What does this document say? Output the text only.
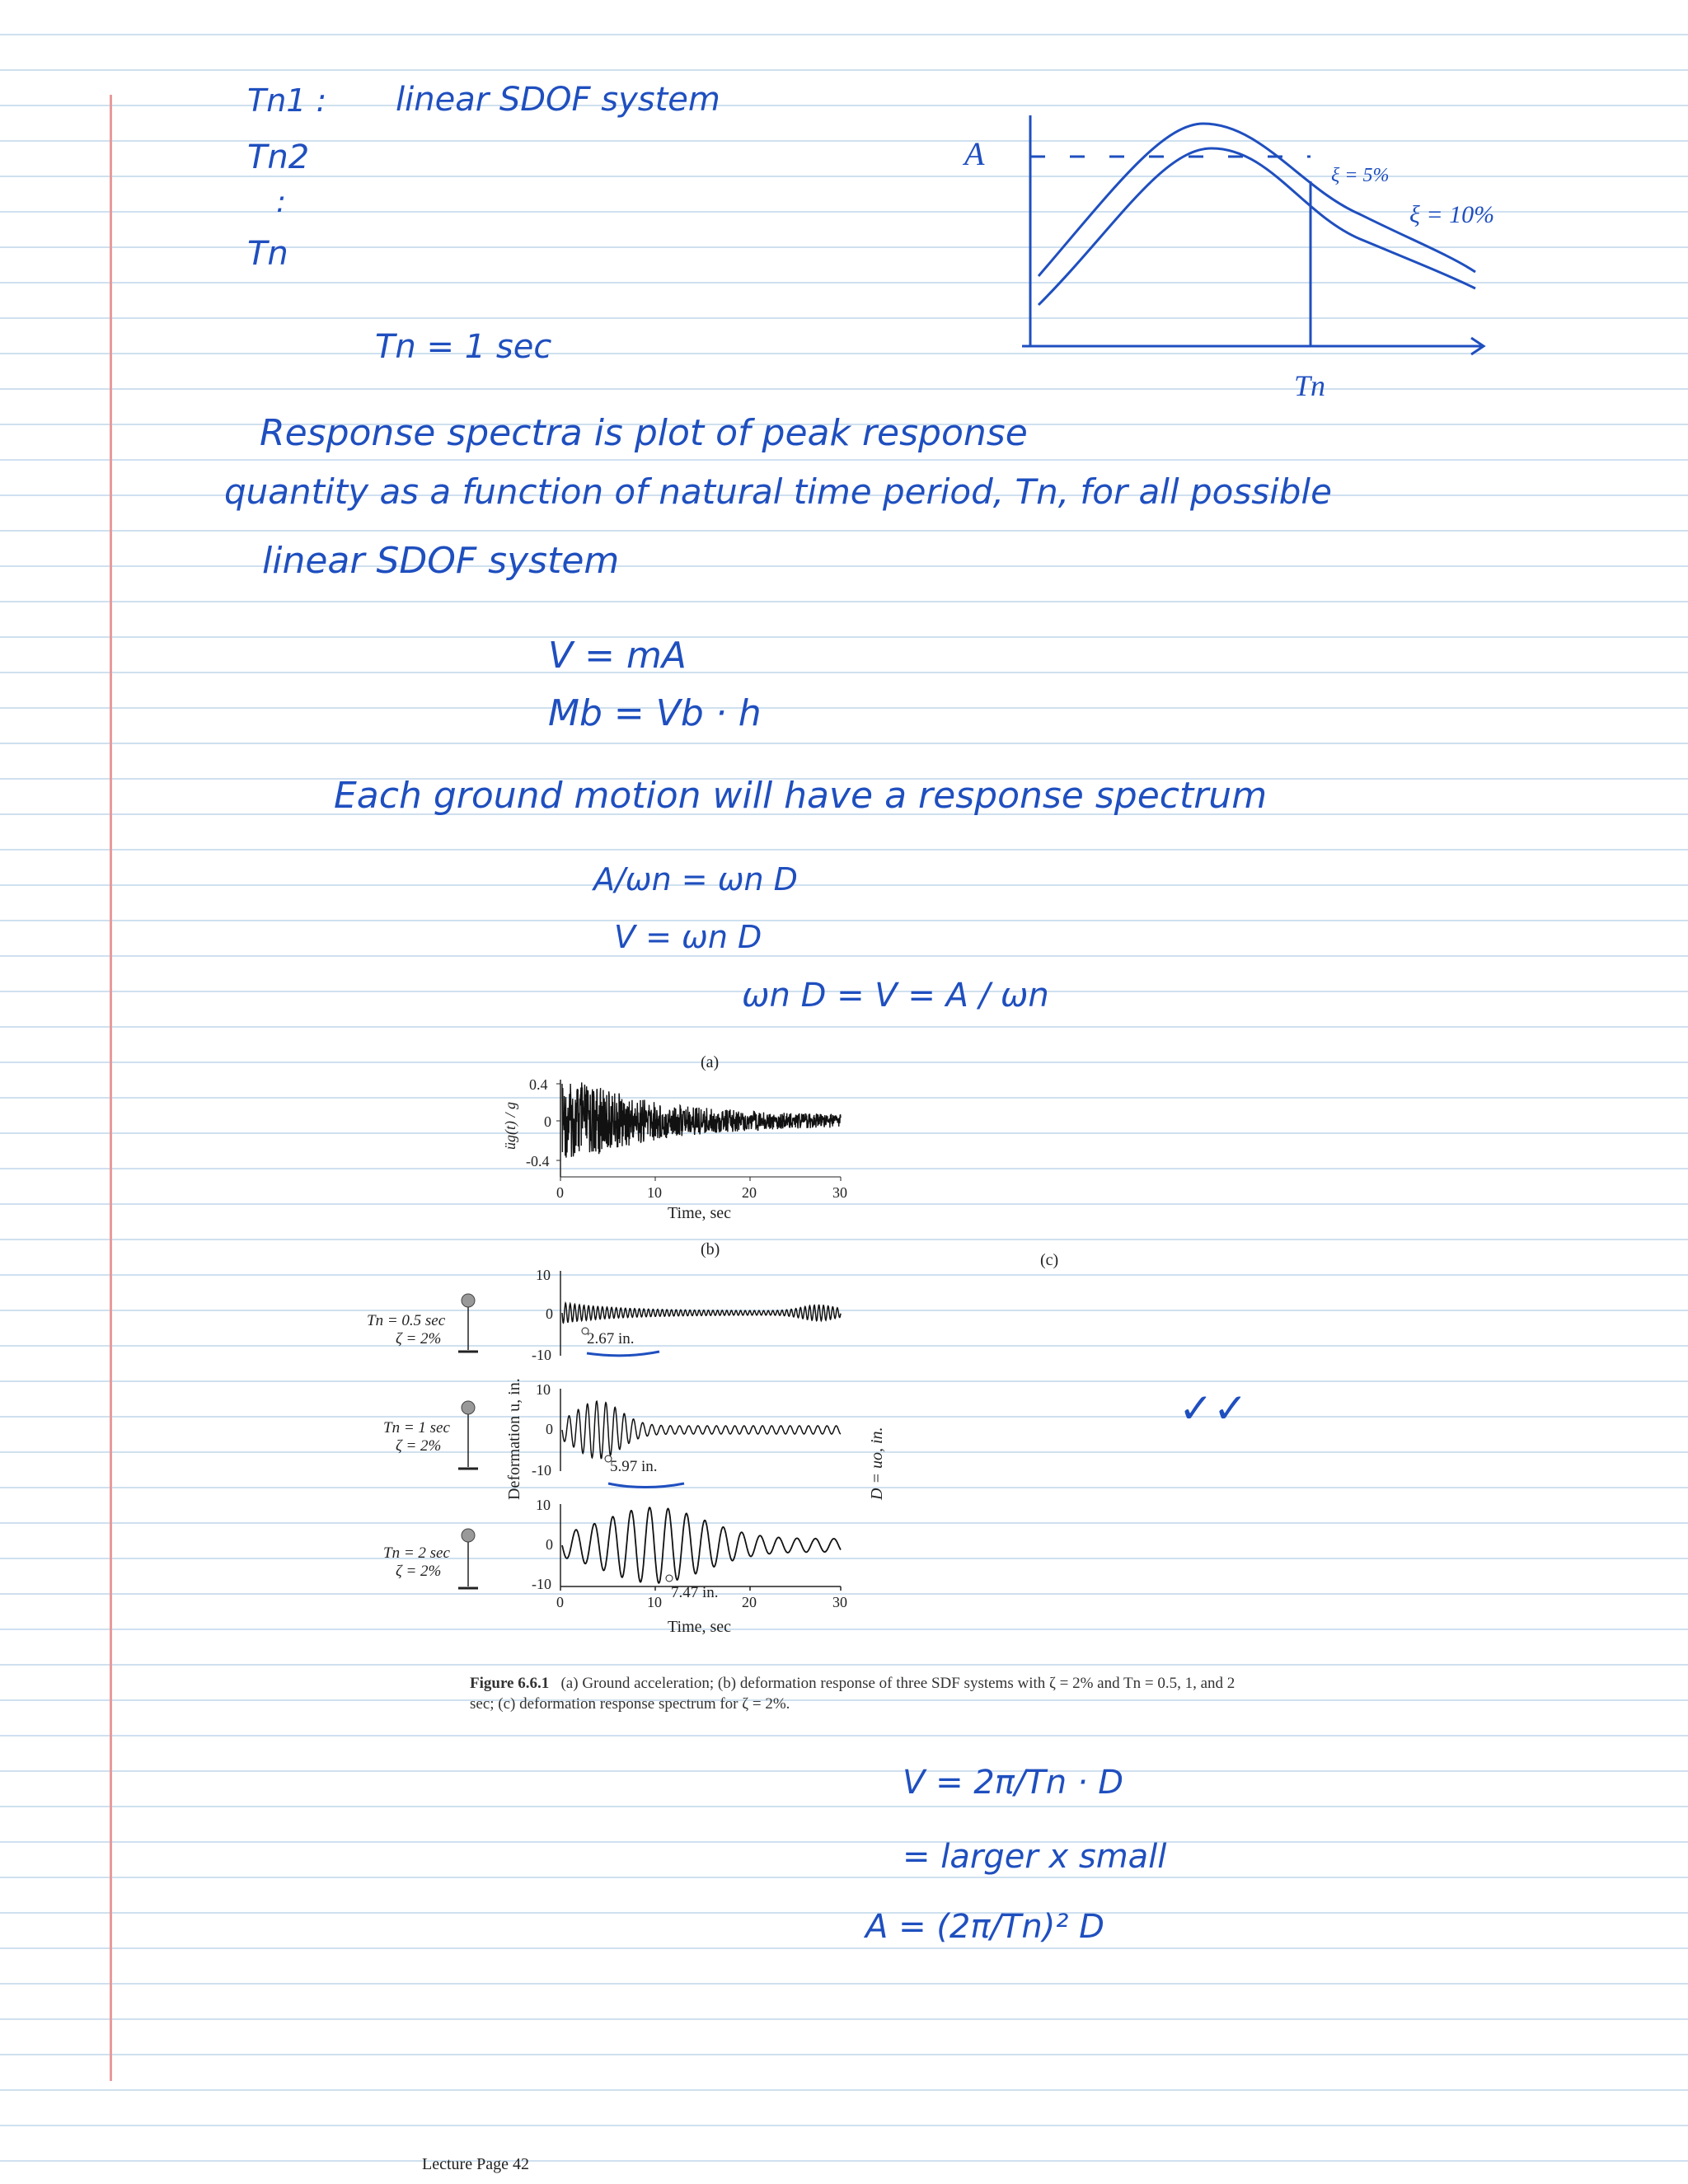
Tn1 : linear SDOF system
Tn2
:
Tn
Tn = 1 sec
Response spectra is plot of peak response
quantity as a function of natural time period, Tn, for all possible
linear SDOF system
V = mA
Mb = Vb · h
Each ground motion will have a response spectrum
A/ωn = ωn D
V = ωn D
ωn D = V = A / ωn
V = 2π/Tn · D
= larger x small
A = (2π/Tn)² D
✓✓
A
Tn
ξ = 5%
ξ = 10%
(a)
üg(t) / g
0.4
0
-0.4
0	10	20	30
Time, sec
(b)
Deformation u, in.
Tn = 0.5 sec
ζ = 2%
Tn = 1 sec
ζ = 2%
Tn = 2 sec
ζ = 2%
10
0
-10
10
0
-10
10
0
-10
0	10	20	30
Time, sec
2.67 in.
5.97 in.
7.47 in.
(c)
D = uo, in.
Figure 6.6.1 (a) Ground acceleration; (b) deformation response of three SDF systems with ζ = 2% and Tn = 0.5, 1, and 2 sec; (c) deformation response spectrum for ζ = 2%.
Lecture Page 42
